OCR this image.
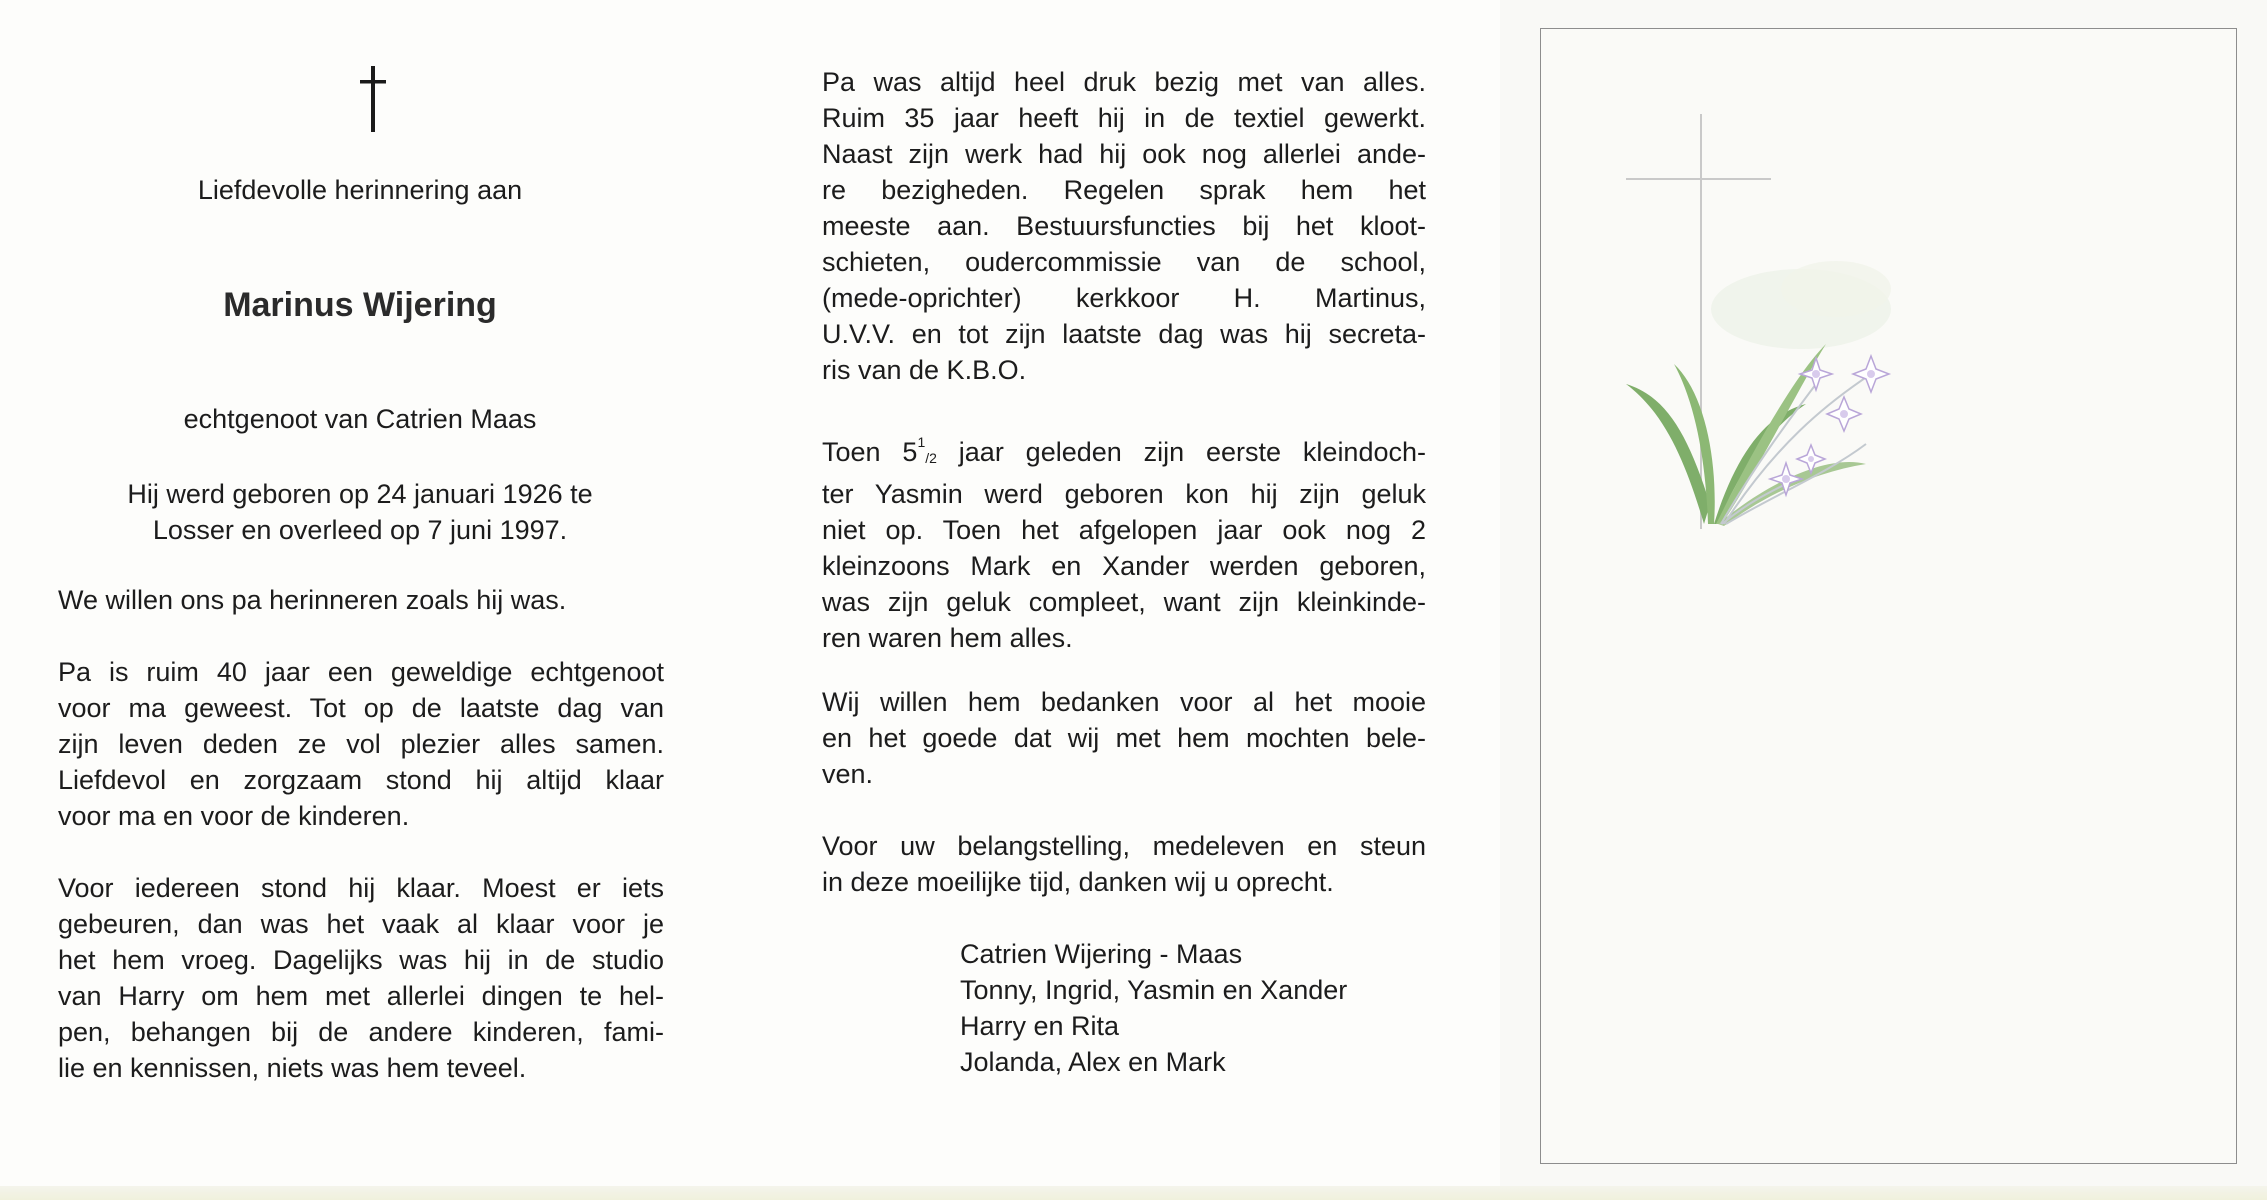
Liefdevolle herinnering aan
Marinus Wijering
echtgenoot van Catrien Maas
Hij werd geboren op 24 januari 1926 te
Losser en overleed op 7 juni 1997.
We willen ons pa herinneren zoals hij was.
Pa is ruim 40 jaar een geweldige echtgenoot
voor ma geweest. Tot op de laatste dag van
zijn leven deden ze vol plezier alles samen.
Liefdevol en zorgzaam stond hij altijd klaar
voor ma en voor de kinderen.
Voor iedereen stond hij klaar. Moest er iets
gebeuren, dan was het vaak al klaar voor je
het hem vroeg. Dagelijks was hij in de studio
van Harry om hem met allerlei dingen te hel-
pen, behangen bij de andere kinderen, fami-
lie en kennissen, niets was hem teveel.
Pa was altijd heel druk bezig met van alles.
Ruim 35 jaar heeft hij in de textiel gewerkt.
Naast zijn werk had hij ook nog allerlei ande-
re bezigheden. Regelen sprak hem het
meeste aan. Bestuursfuncties bij het kloot-
schieten, oudercommissie van de school,
(mede-oprichter) kerkkoor H. Martinus,
U.V.V. en tot zijn laatste dag was hij secreta-
ris van de K.B.O.
Toen $5^1_{/2}$ jaar geleden zijn eerste kleindoch-
ter Yasmin werd geboren kon hij zijn geluk
niet op. Toen het afgelopen jaar ook nog 2
kleinzoons Mark en Xander werden geboren,
was zijn geluk compleet, want zijn kleinkinde-
ren waren hem alles.
Wij willen hem bedanken voor al het mooie
en het goede dat wij met hem mochten bele-
ven.
Voor uw belangstelling, medeleven en steun
in deze moeilijke tijd, danken wij u oprecht.
Catrien Wijering - Maas
Tonny, Ingrid, Yasmin en Xander
Harry en Rita
Jolanda, Alex en Mark
